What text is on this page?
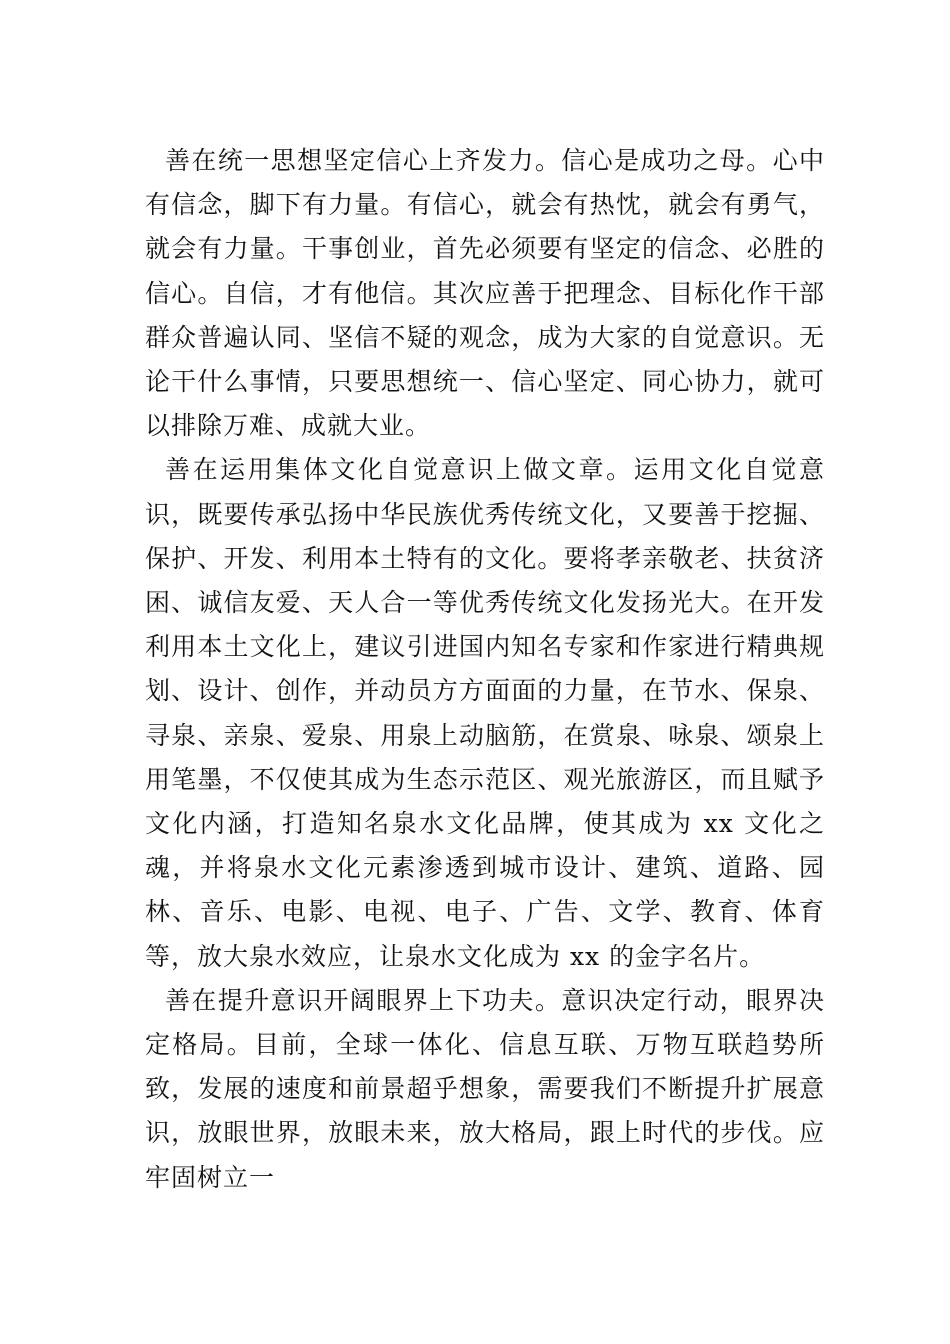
善在统一思想坚定信心上齐发力。信心是成功之母。心中有信念，脚下有力量。有信心，就会有热忱，就会有勇气，就会有力量。干事创业，首先必须要有坚定的信念、必胜的信心。自信，才有他信。其次应善于把理念、目标化作干部群众普遍认同、坚信不疑的观念，成为大家的自觉意识。无论干什么事情，只要思想统一、信心坚定、同心协力，就可以排除万难、成就大业。

善在运用集体文化自觉意识上做文章。运用文化自觉意识，既要传承弘扬中华民族优秀传统文化，又要善于挖掘、保护、开发、利用本土特有的文化。要将孝亲敬老、扶贫济困、诚信友爱、天人合一等优秀传统文化发扬光大。在开发利用本土文化上，建议引进国内知名专家和作家进行精典规划、设计、创作，并动员方方面面的力量，在节水、保泉、寻泉、亲泉、爱泉、用泉上动脑筋，在赏泉、咏泉、颂泉上用笔墨，不仅使其成为生态示范区、观光旅游区，而且赋予文化内涵，打造知名泉水文化品牌，使其成为 xx 文化之魂，并将泉水文化元素渗透到城市设计、建筑、道路、园林、音乐、电影、电视、电子、广告、文学、教育、体育等，放大泉水效应，让泉水文化成为 xx 的金字名片。

善在提升意识开阔眼界上下功夫。意识决定行动，眼界决定格局。目前，全球一体化、信息互联、万物互联趋势所致，发展的速度和前景超乎想象，需要我们不断提升扩展意识，放眼世界，放眼未来，放大格局，跟上时代的步伐。应牢固树立一
